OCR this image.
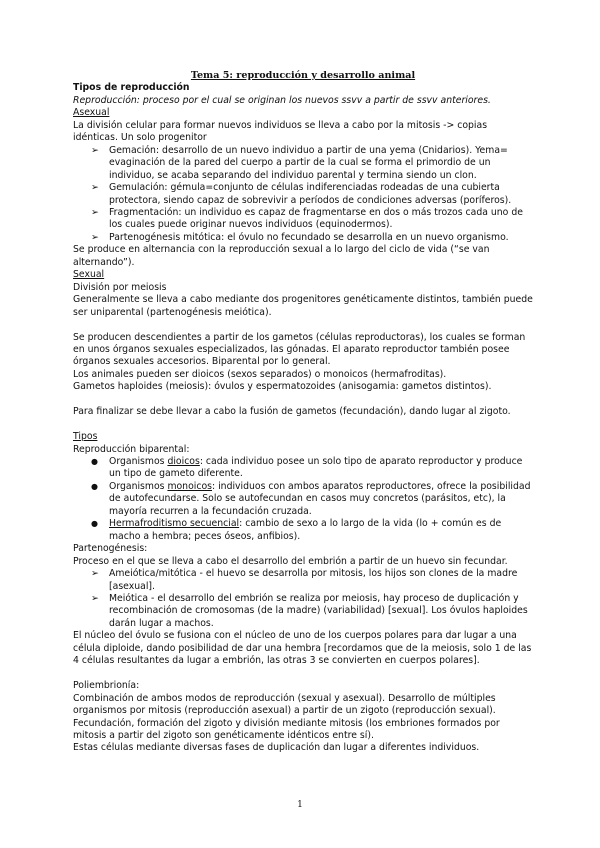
Tema 5: reproducción y desarrollo animal

Tipos de reproducción

Reproducción: proceso por el cual se originan los nuevos ssvv a partir de ssvv anteriores.

Asexual

La división celular para formar nuevos individuos se lleva a cabo por la mitosis -> copias idénticas. Un solo progenitor

➢	Gemación: desarrollo de un nuevo individuo a partir de una yema (Cnidarios). Yema= evaginación de la pared del cuerpo a partir de la cual se forma el primordio de un individuo, se acaba separando del individuo parental y termina siendo un clon.
➢	Gemulación: gémula=conjunto de células indiferenciadas rodeadas de una cubierta protectora, siendo capaz de sobrevivir a períodos de condiciones adversas (poríferos).
➢	Fragmentación: un individuo es capaz de fragmentarse en dos o más trozos cada uno de los cuales puede originar nuevos individuos (equinodermos).
➢	Partenogénesis mitótica: el óvulo no fecundado se desarrolla en un nuevo organismo.

Se produce en alternancia con la reproducción sexual a lo largo del ciclo de vida (“se van alternando”).

Sexual

División por meiosis

Generalmente se lleva a cabo mediante dos progenitores genéticamente distintos, también puede ser uniparental (partenogénesis meiótica).

Se producen descendientes a partir de los gametos (células reproductoras), los cuales se forman en unos órganos sexuales especializados, las gónadas. El aparato reproductor también posee órganos sexuales accesorios. Biparental por lo general.

Los animales pueden ser dioicos (sexos separados) o monoicos (hermafroditas).

Gametos haploides (meiosis): óvulos y espermatozoides (anisogamia: gametos distintos).

Para finalizar se debe llevar a cabo la fusión de gametos (fecundación), dando lugar al zigoto.

Tipos

Reproducción biparental:

●	Organismos dioicos: cada individuo posee un solo tipo de aparato reproductor y produce un tipo de gameto diferente.
●	Organismos monoicos: individuos con ambos aparatos reproductores, ofrece la posibilidad de autofecundarse. Solo se autofecundan en casos muy concretos (parásitos, etc), la mayoría recurren a la fecundación cruzada.
●	Hermafroditismo secuencial: cambio de sexo a lo largo de la vida (lo + común es de macho a hembra; peces óseos, anfibios).

Partenogénesis:

Proceso en el que se lleva a cabo el desarrollo del embrión a partir de un huevo sin fecundar.

➢	Ameiótica/mitótica - el huevo se desarrolla por mitosis, los hijos son clones de la madre [asexual].
➢	Meiótica - el desarrollo del embrión se realiza por meiosis, hay proceso de duplicación y recombinación de cromosomas (de la madre) (variabilidad) [sexual]. Los óvulos haploides darán lugar a machos.

El núcleo del óvulo se fusiona con el núcleo de uno de los cuerpos polares para dar lugar a una célula diploide, dando posibilidad de dar una hembra [recordamos que de la meiosis, solo 1 de las 4 células resultantes da lugar a embrión, las otras 3 se convierten en cuerpos polares].

Poliembrionía:

Combinación de ambos modos de reproducción (sexual y asexual). Desarrollo de múltiples organismos por mitosis (reproducción asexual) a partir de un zigoto (reproducción sexual).

Fecundación, formación del zigoto y división mediante mitosis (los embriones formados por mitosis a partir del zigoto son genéticamente idénticos entre sí).

Estas células mediante diversas fases de duplicación dan lugar a diferentes individuos.

1
